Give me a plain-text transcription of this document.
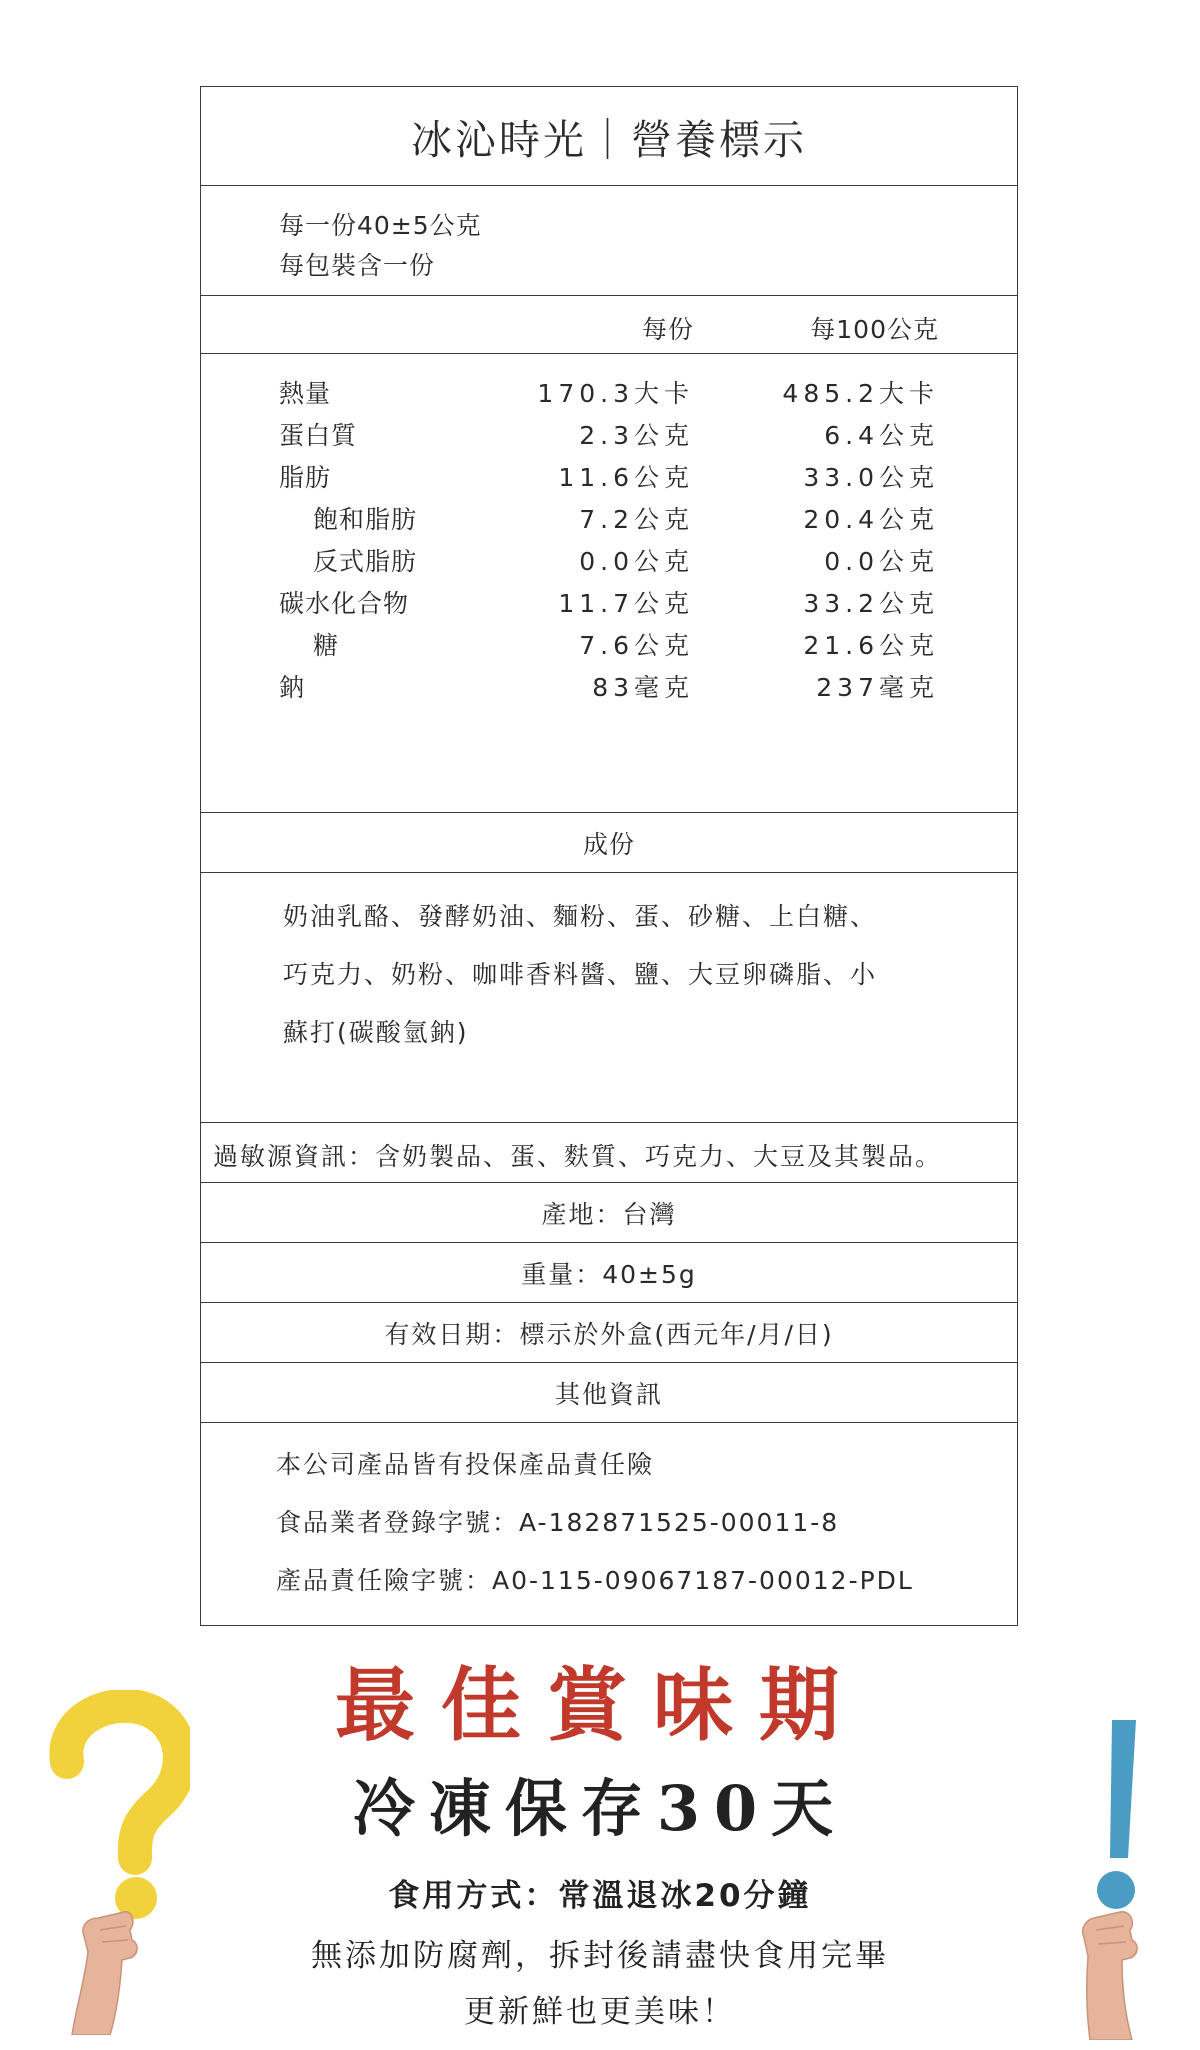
冰沁時光｜營養標示
每一份40±5公克
每包裝含一份
每份	每100公克
熱量	170.3大卡	485.2大卡
蛋白質	2.3公克	6.4公克
脂肪	11.6公克	33.0公克
飽和脂肪	7.2公克	20.4公克
反式脂肪	0.0公克	0.0公克
碳水化合物	11.7公克	33.2公克
糖	7.6公克	21.6公克
鈉	83毫克	237毫克
成份
奶油乳酪、發酵奶油、麵粉、蛋、砂糖、上白糖、
巧克力、奶粉、咖啡香料醬、鹽、大豆卵磷脂、小
蘇打(碳酸氫鈉)
過敏源資訊：含奶製品、蛋、麩質、巧克力、大豆及其製品。
產地：台灣
重量：40±5g
有效日期：標示於外盒(西元年/月/日)
其他資訊
本公司產品皆有投保產品責任險
食品業者登錄字號：A-182871525-00011-8
產品責任險字號：A0-115-09067187-00012-PDL
最佳賞味期
冷凍保存30天
食用方式：常溫退冰20分鐘
無添加防腐劑，拆封後請盡快食用完畢
更新鮮也更美味！
